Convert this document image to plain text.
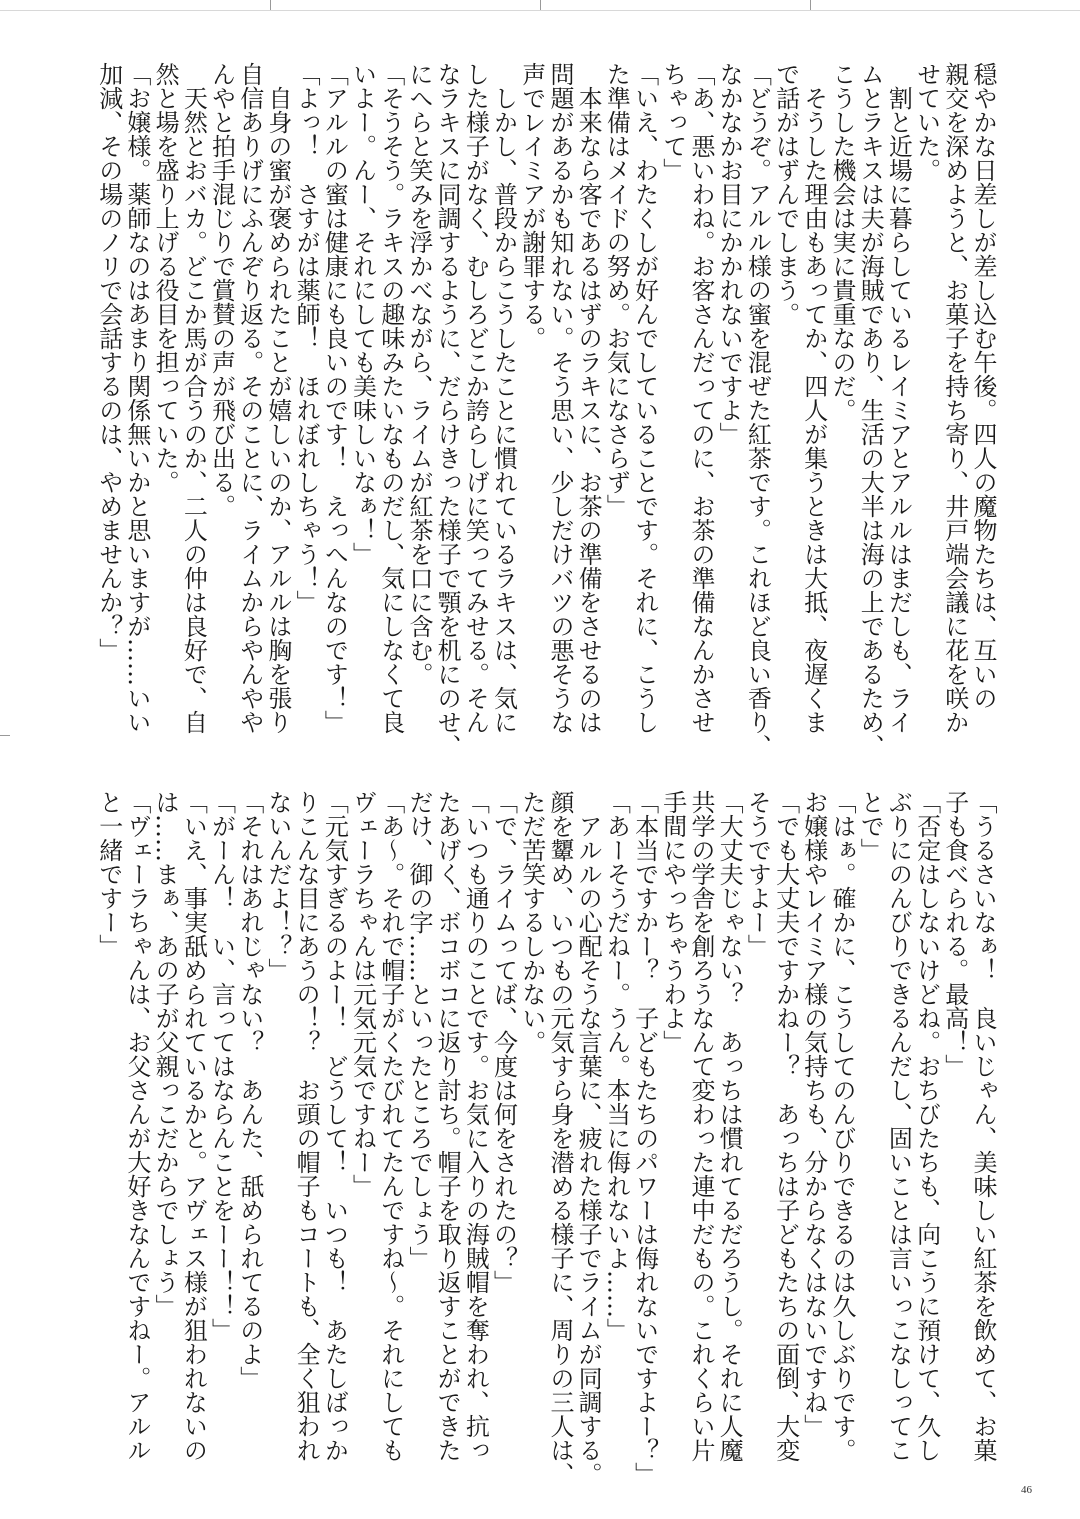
穏やかな日差しが差し込む午後。四人の魔物たちは、互いの

親交を深めようと、お菓子を持ち寄り、井戸端会議に花を咲か

せていた。

　割と近場に暮らしているレイミアとアルルはまだしも、ライ

ムとラキスは夫が海賊であり、生活の大半は海の上であるため、

こうした機会は実に貴重なのだ。

　そうした理由もあってか、四人が集うときは大抵、夜遅くま

で話がはずんでしまう。

「どうぞ。アルル様の蜜を混ぜた紅茶です。これほど良い香り、

なかなかお目にかかれないですよ」

「あ、悪いわね。お客さんだってのに、お茶の準備なんかさせ

ちゃって」

「いえ、わたくしが好んでしていることです。それに、こうし

た準備はメイドの努め。お気になさらず」

　本来なら客であるはずのラキスに、お茶の準備をさせるのは

問題があるかも知れない。そう思い、少しだけバツの悪そうな

声でレイミアが謝罪する。

　しかし、普段からこうしたことに慣れているラキスは、気に

した様子がなく、むしろどこか誇らしげに笑ってみせる。そん

なラキスに同調するように、だらけきった様子で顎を机にのせ、

にへらと笑みを浮かべながら、ライムが紅茶を口に含む。

「そうそう。ラキスの趣味みたいなものだし、気にしなくて良

いよー。んー、それにしても美味しいなぁ！」

「アルルの蜜は健康にも良いのです！　えっへんなのです！」

「よっ！　さすがは薬師！　ほれぼれしちゃう！」

　自身の蜜が褒められたことが嬉しいのか、アルルは胸を張り

自信ありげにふんぞり返る。そのことに、ライムからやんやや

んやと拍手混じりで賞賛の声が飛び出る。

　天然とおバカ。どこか馬が合うのか、二人の仲は良好で、自

然と場を盛り上げる役目を担っていた。

「お嬢様。薬師なのはあまり関係無いかと思いますが……いい

加減、その場のノリで会話するのは、やめませんか？」

「うるさいなぁ！　良いじゃん、美味しい紅茶を飲めて、お菓

子も食べられる。最高！」

「否定はしないけどね。おちびたちも、向こうに預けて、久し

ぶりにのんびりできるんだし、固いことは言いっこなしってこ

とで」

「はぁ。確かに、こうしてのんびりできるのは久しぶりです。

お嬢様やレイミア様の気持ちも、分からなくはないですね」

「でも大丈夫ですかねー？　あっちは子どもたちの面倒、大変

そうですよー」

「大丈夫じゃない？　あっちは慣れてるだろうし。それに人魔

共学の学舎を創ろうなんて変わった連中だもの。これくらい片

手間にやっちゃうわよ」

「本当ですかー？　子どもたちのパワーは侮れないですよー？」

「あーそうだねー。うん。本当に侮れないよ……」

　アルルの心配そうな言葉に、疲れた様子でライムが同調する。

顔を顰め、いつもの元気すら身を潜める様子に、周りの三人は、

ただ苦笑するしかない。

「で、ライムってば、今度は何をされたの？」

「いつも通りのことです。お気に入りの海賊帽を奪われ、抗っ

たあげく、ボコボコに返り討ち。帽子を取り返すことができた

だけ、御の字……といったところでしょう」

「あ～。それで帽子がくたびれてたんですね～。それにしても

ヴェーラちゃんは元気元気ですねー」

「元気すぎるのよー！　どうして！　いつも！　あたしばっか

りこんな目にあうの！？　お頭の帽子もコートも、全く狙われ

ないんだよ！？」

「それはあれじゃない？　あんた、舐められてるのよ」

「がーん！　い、言ってはならんことをーー！！」

「いえ、事実舐められているかと。アヴェス様が狙われないの

は……まぁ、あの子が父親っこだからでしょう」

「ヴェーラちゃんは、お父さんが大好きなんですねー。アルル

と一緒ですー」

46
